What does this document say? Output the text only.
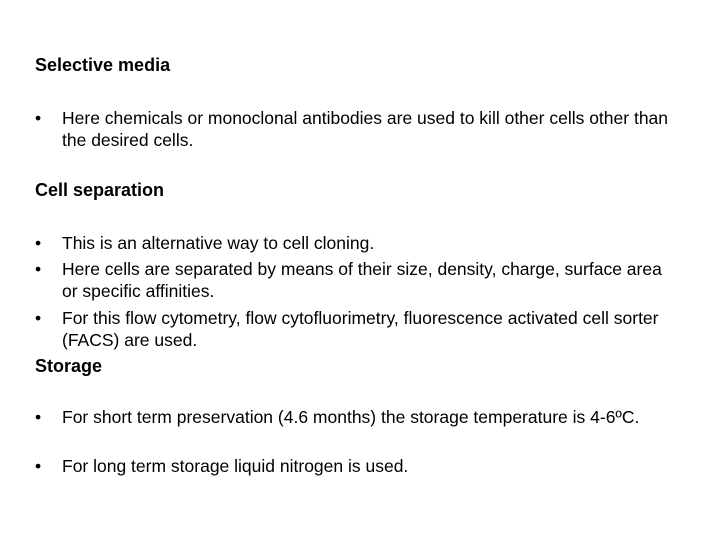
Selective media
•	Here chemicals or monoclonal antibodies are used to kill other cells other than the desired cells.
Cell separation
•	This is an alternative way to cell cloning.
•	Here cells are separated by means of their size, density, charge, surface area or specific affinities.
•	For this flow cytometry, flow cytofluorimetry, fluorescence activated cell sorter (FACS) are used.
Storage
•	For short term preservation (4.6 months) the storage temperature is 4-6ºC.
•	For long term storage liquid nitrogen is used.
